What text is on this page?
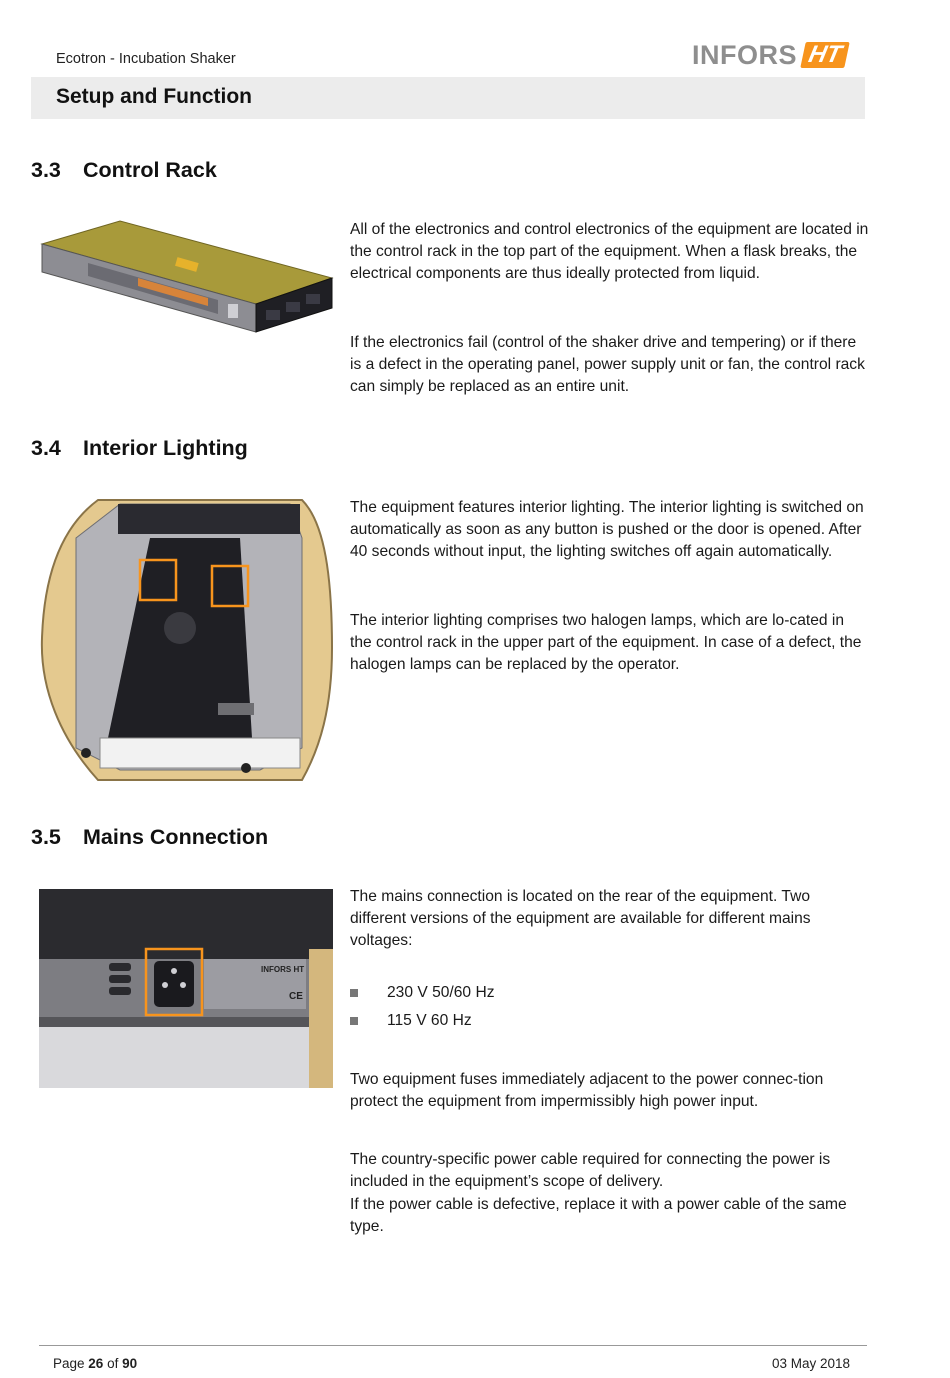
Ecotron - Incubation Shaker	INFORS HT
Setup and Function
3.3 Control Rack
All of the electronics and control electronics of the equipment are located in the control rack in the top part of the equipment. When a flask breaks, the electrical components are thus ideally protected from liquid.
If the electronics fail (control of the shaker drive and tempering) or if there is a defect in the operating panel, power supply unit or fan, the control rack can simply be replaced as an entire unit.
3.4 Interior Lighting
The equipment features interior lighting. The interior lighting is switched on automatically as soon as any button is pushed or the door is opened. After 40 seconds without input, the lighting switches off again automatically.
The interior lighting comprises two halogen lamps, which are lo-cated in the control rack in the upper part of the equipment. In case of a defect, the halogen lamps can be replaced by the operator.
3.5 Mains Connection
INFORS HT
CE
The mains connection is located on the rear of the equipment. Two different versions of the equipment are available for different mains voltages:
230 V 50/60 Hz
115 V 60 Hz
Two equipment fuses immediately adjacent to the power connec-tion protect the equipment from impermissibly high power input.
The country-specific power cable required for connecting the power is included in the equipment’s scope of delivery.
If the power cable is defective, replace it with a power cable of the same type.
Page 26 of 90	03 May 2018
